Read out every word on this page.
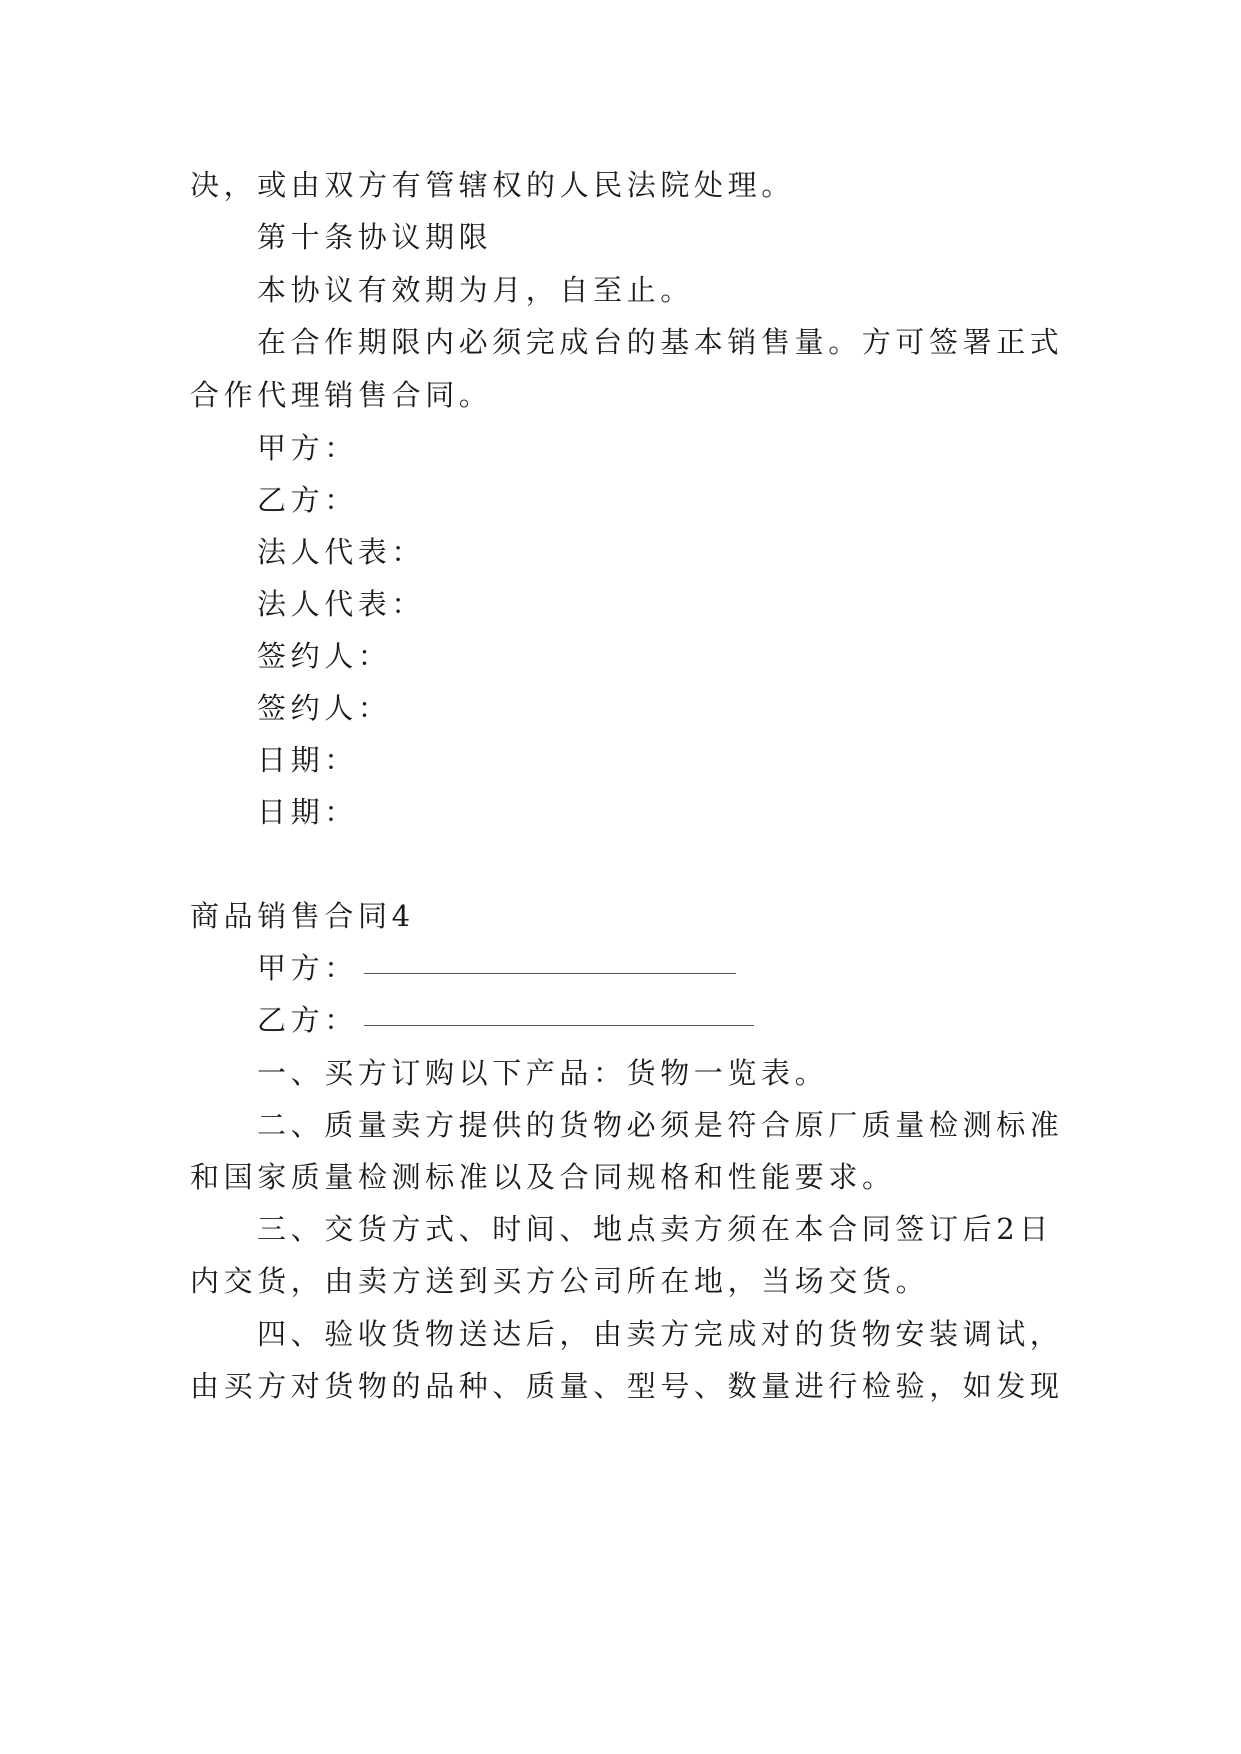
决，或由双方有管辖权的人民法院处理。
第十条协议期限
本协议有效期为月，自至止。
在合作期限内必须完成台的基本销售量。方可签署正式
合作代理销售合同。
甲方：
乙方：
法人代表：
法人代表：
签约人：
签约人：
日期：
日期：
商品销售合同4
甲方：
乙方：
一、买方订购以下产品：货物一览表。
二、质量卖方提供的货物必须是符合原厂质量检测标准
和国家质量检测标准以及合同规格和性能要求。
三、交货方式、时间、地点卖方须在本合同签订后2日
内交货，由卖方送到买方公司所在地，当场交货。
四、验收货物送达后，由卖方完成对的货物安装调试，
由买方对货物的品种、质量、型号、数量进行检验，如发现
